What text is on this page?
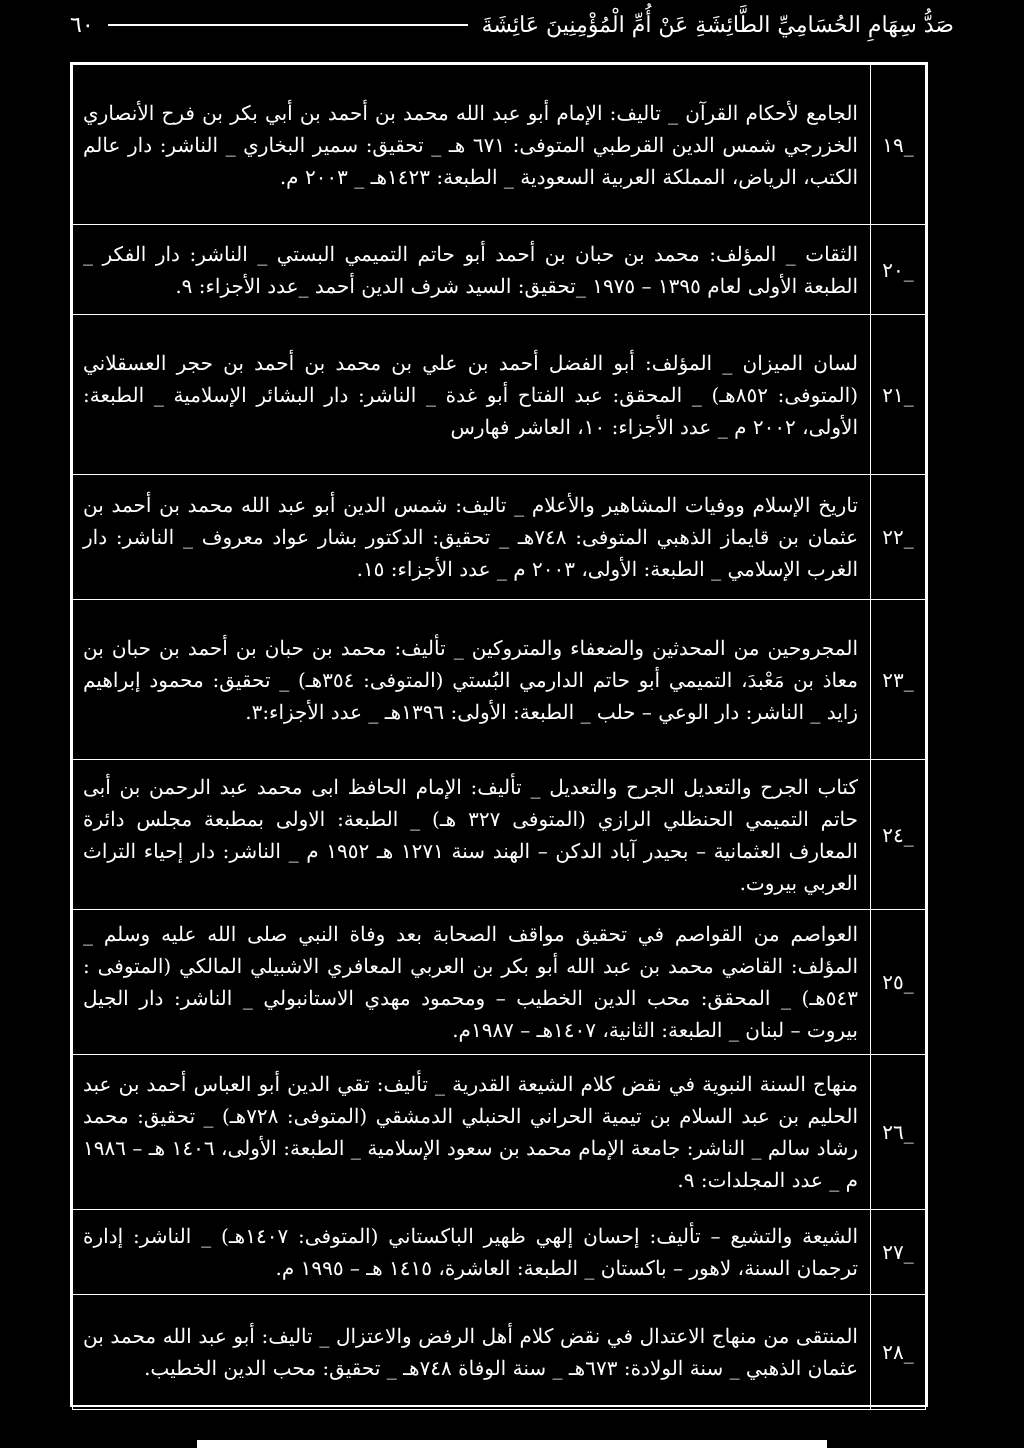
صَدُّ سِهَامِ الحُسَامِيِّ الطَّائِشَةِ عَنْ أُمِّ الْمُؤْمِنِينَ عَائِشَةَ
٦٠
_١٩	الجامع لأحكام القرآن _ تاليف: الإمام أبو عبد الله محمد بن أحمد بن أبي بكر بن فرح الأنصاري الخزرجي شمس الدين القرطبي المتوفى: ٦٧١ هـ _ تحقيق: سمير البخاري _ الناشر: دار عالم الكتب، الرياض، المملكة العربية السعودية _ الطبعة: ١٤٢٣هـ _ ٢٠٠٣ م.
_٢٠	الثقات _ المؤلف: محمد بن حبان بن أحمد أبو حاتم التميمي البستي _ الناشر: دار الفكر _ الطبعة الأولى لعام ١٣٩٥ – ١٩٧٥ _تحقيق: السيد شرف الدين أحمد _عدد الأجزاء: ٩.
_٢١	لسان الميزان _ المؤلف: أبو الفضل أحمد بن علي بن محمد بن أحمد بن حجر العسقلاني (المتوفى: ٨٥٢هـ) _ المحقق: عبد الفتاح أبو غدة _ الناشر: دار البشائر الإسلامية _ الطبعة: الأولى، ٢٠٠٢ م _ عدد الأجزاء: ١٠، العاشر فهارس
_٢٢	تاريخ الإسلام ووفيات المشاهير والأعلام _ تاليف: شمس الدين أبو عبد الله محمد بن أحمد بن عثمان بن قايماز الذهبي المتوفى: ٧٤٨هـ _ تحقيق: الدكتور بشار عواد معروف _ الناشر: دار الغرب الإسلامي _ الطبعة: الأولى، ٢٠٠٣ م _ عدد الأجزاء: ١٥.
_٢٣	المجروحين من المحدثين والضعفاء والمتروكين _ تأليف: محمد بن حبان بن أحمد بن حبان بن معاذ بن مَعْبدَ، التميمي أبو حاتم الدارمي البُستي (المتوفى: ٣٥٤هـ) _ تحقيق: محمود إبراهيم زايد _ الناشر: دار الوعي – حلب _ الطبعة: الأولى: ١٣٩٦هـ _ عدد الأجزاء:٣.
_٢٤	كتاب الجرح والتعديل الجرح والتعديل _ تأليف: الإمام الحافظ ابى محمد عبد الرحمن بن أبى حاتم التميمي الحنظلي الرازي (المتوفى ٣٢٧ هـ) _ الطبعة: الاولى بمطبعة مجلس دائرة المعارف العثمانية – بحيدر آباد الدكن – الهند سنة ١٢٧١ هـ ١٩٥٢ م _ الناشر: دار إحياء التراث العربي بيروت.
_٢٥	العواصم من القواصم في تحقيق مواقف الصحابة بعد وفاة النبي صلى الله عليه وسلم _ المؤلف: القاضي محمد بن عبد الله أبو بكر بن العربي المعافري الاشبيلي المالكي (المتوفى : ٥٤٣هـ) _ المحقق: محب الدين الخطيب – ومحمود مهدي الاستانبولي _ الناشر: دار الجيل بيروت – لبنان _ الطبعة: الثانية، ١٤٠٧هـ – ١٩٨٧م.
_٢٦	منهاج السنة النبوية في نقض كلام الشيعة القدرية _ تأليف: تقي الدين أبو العباس أحمد بن عبد الحليم بن عبد السلام بن تيمية الحراني الحنبلي الدمشقي (المتوفى: ٧٢٨هـ) _ تحقيق: محمد رشاد سالم _ الناشر: جامعة الإمام محمد بن سعود الإسلامية _ الطبعة: الأولى، ١٤٠٦ هـ – ١٩٨٦ م _ عدد المجلدات: ٩.
_٢٧	الشيعة والتشيع – تأليف: إحسان إلهي ظهير الباكستاني (المتوفى: ١٤٠٧هـ) _ الناشر: إدارة ترجمان السنة، لاهور – باكستان _ الطبعة: العاشرة، ١٤١٥ هـ – ١٩٩٥ م.
_٢٨	المنتقى من منهاج الاعتدال في نقض كلام أهل الرفض والاعتزال _ تاليف: أبو عبد الله محمد بن عثمان الذهبي _ سنة الولادة: ٦٧٣هـ _ سنة الوفاة ٧٤٨هـ _ تحقيق: محب الدين الخطيب.
